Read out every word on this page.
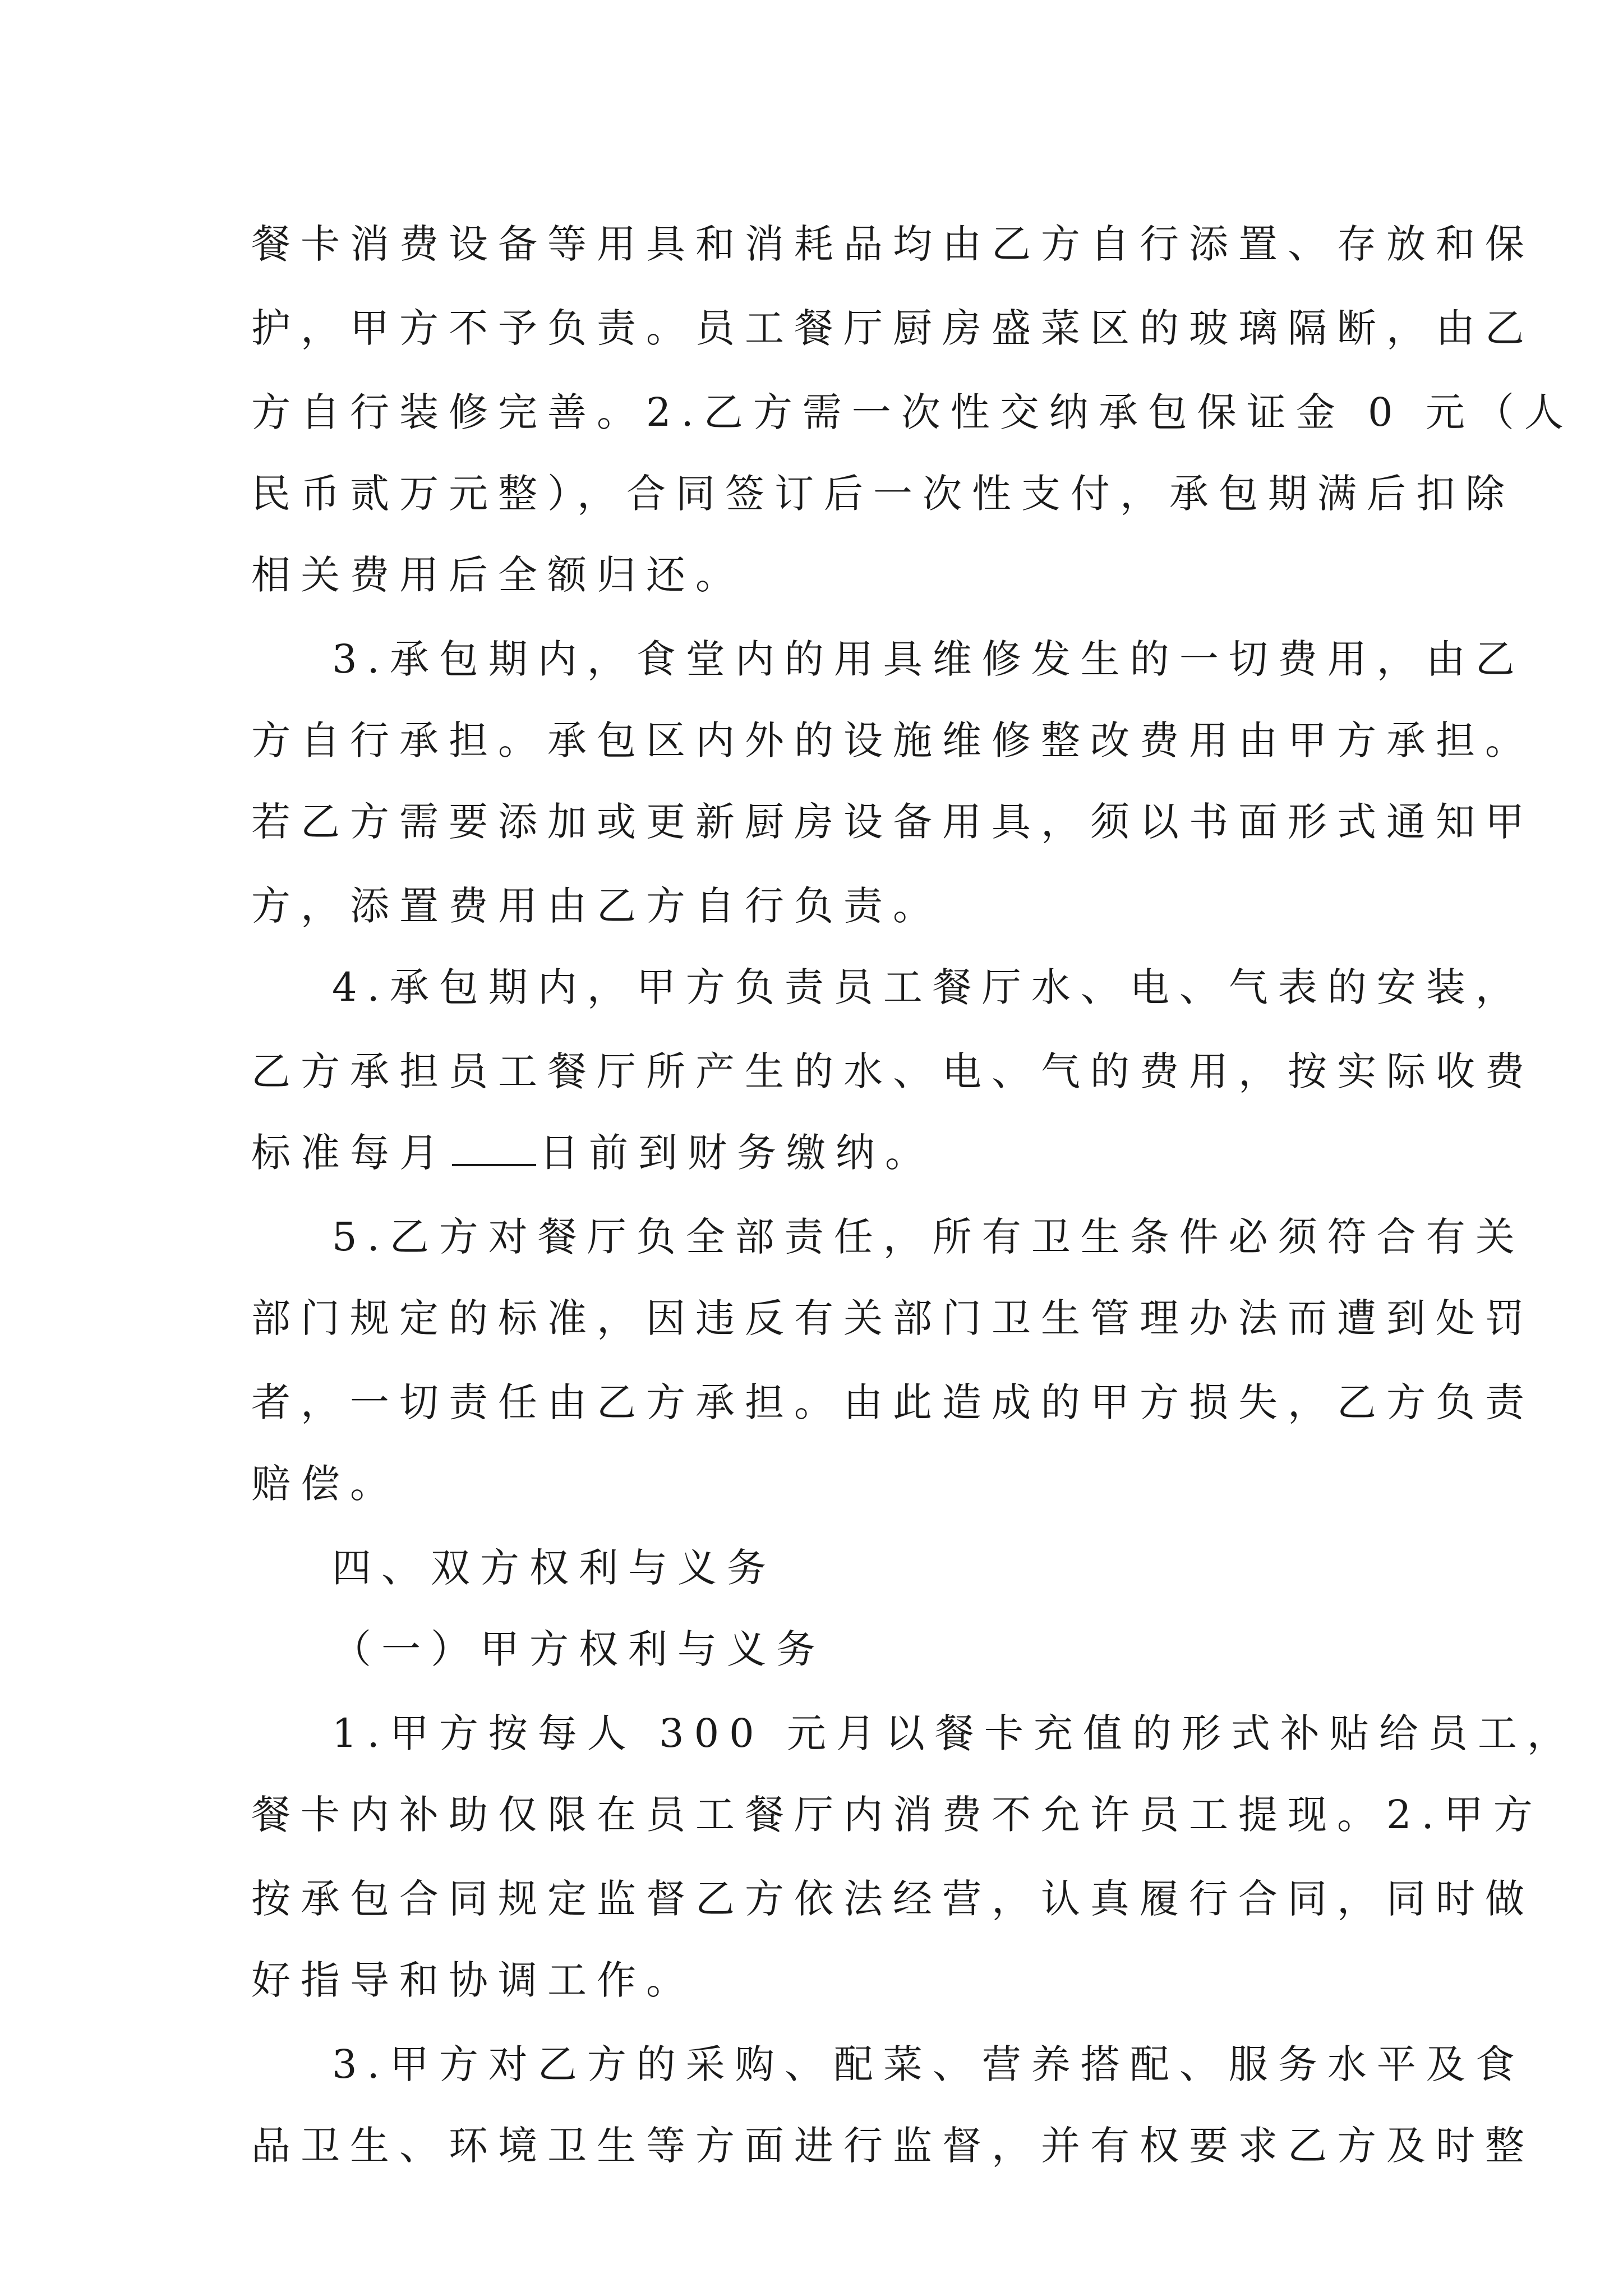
餐卡消费设备等用具和消耗品均由乙方自行添置、存放和保
护，甲方不予负责。员工餐厅厨房盛菜区的玻璃隔断，由乙
方自行装修完善。2.乙方需一次性交纳承包保证金 0 元（人
民币贰万元整），合同签订后一次性支付，承包期满后扣除
相关费用后全额归还。
3.承包期内，食堂内的用具维修发生的一切费用，由乙
方自行承担。承包区内外的设施维修整改费用由甲方承担。
若乙方需要添加或更新厨房设备用具，须以书面形式通知甲
方，添置费用由乙方自行负责。
4.承包期内，甲方负责员工餐厅水、电、气表的安装，
乙方承担员工餐厅所产生的水、电、气的费用，按实际收费
标准每月 日前到财务缴纳。
5.乙方对餐厅负全部责任，所有卫生条件必须符合有关
部门规定的标准，因违反有关部门卫生管理办法而遭到处罚
者，一切责任由乙方承担。由此造成的甲方损失，乙方负责
赔偿。
四、双方权利与义务
（一）甲方权利与义务
1.甲方按每人 300 元月以餐卡充值的形式补贴给员工，
餐卡内补助仅限在员工餐厅内消费不允许员工提现。2.甲方
按承包合同规定监督乙方依法经营，认真履行合同，同时做
好指导和协调工作。
3.甲方对乙方的采购、配菜、营养搭配、服务水平及食
品卫生、环境卫生等方面进行监督，并有权要求乙方及时整
